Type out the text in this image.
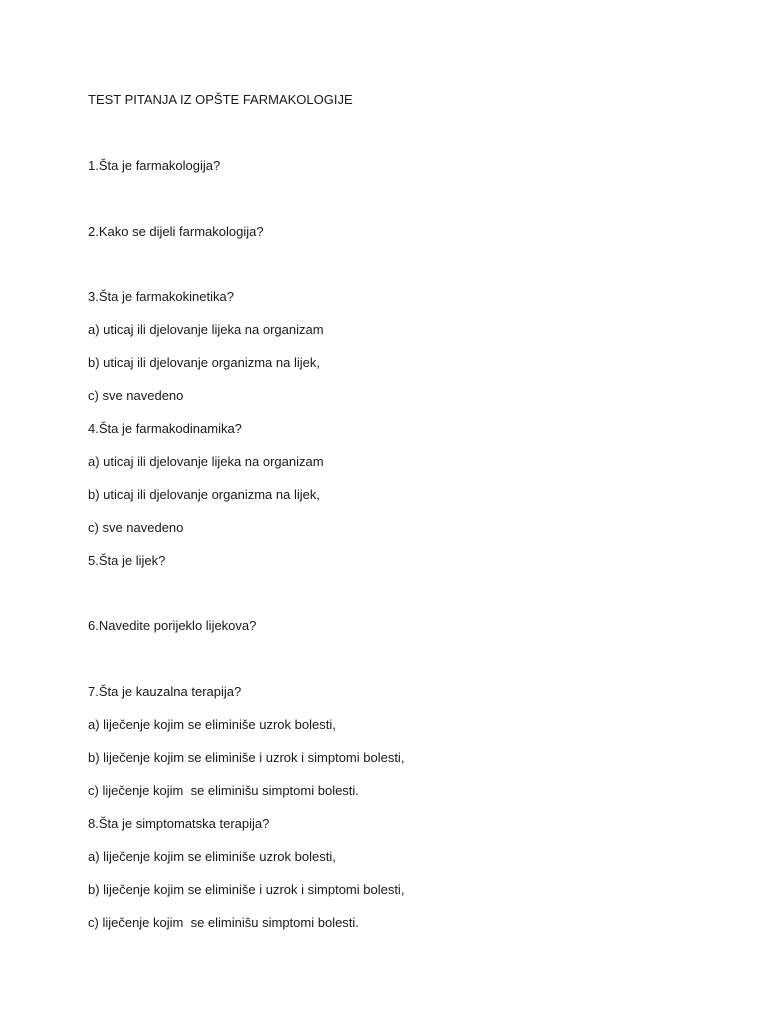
TEST PITANJA IZ OPŠTE FARMAKOLOGIJE
1.Šta je farmakologija?
2.Kako se dijeli farmakologija?
3.Šta je farmakokinetika?
a) uticaj ili djelovanje lijeka na organizam
b) uticaj ili djelovanje organizma na lijek,
c) sve navedeno
4.Šta je farmakodinamika?
a) uticaj ili djelovanje lijeka na organizam
b) uticaj ili djelovanje organizma na lijek,
c) sve navedeno
5.Šta je lijek?
6.Navedite porijeklo lijekova?
7.Šta je kauzalna terapija?
a) liječenje kojim se eliminiše uzrok bolesti,
b) liječenje kojim se eliminiše i uzrok i simptomi bolesti,
c) liječenje kojim  se eliminišu simptomi bolesti.
8.Šta je simptomatska terapija?
a) liječenje kojim se eliminiše uzrok bolesti,
b) liječenje kojim se eliminiše i uzrok i simptomi bolesti,
c) liječenje kojim  se eliminišu simptomi bolesti.
